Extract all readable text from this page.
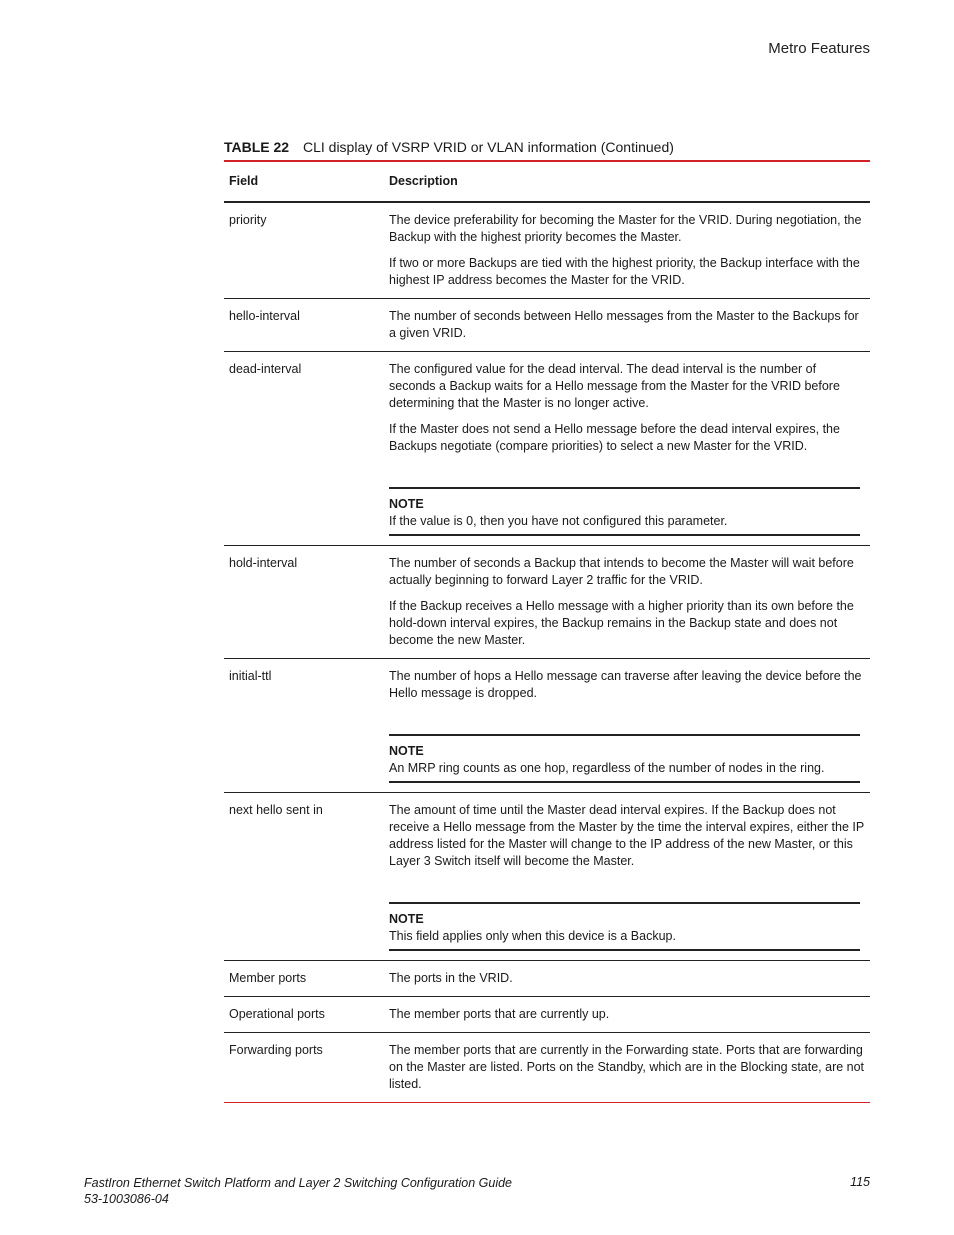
Metro Features
TABLE 22 CLI display of VSRP VRID or VLAN information (Continued)
Field	Description
priority	The device preferability for becoming the Master for the VRID. During negotiation, the Backup with the highest priority becomes the Master.

If two or more Backups are tied with the highest priority, the Backup interface with the highest IP address becomes the Master for the VRID.

hello-interval	The number of seconds between Hello messages from the Master to the Backups for a given VRID.

dead-interval	The configured value for the dead interval. The dead interval is the number of seconds a Backup waits for a Hello message from the Master for the VRID before determining that the Master is no longer active.

If the Master does not send a Hello message before the dead interval expires, the Backups negotiate (compare priorities) to select a new Master for the VRID.

NOTE
If the value is 0, then you have not configured this parameter.
hold-interval	The number of seconds a Backup that intends to become the Master will wait before actually beginning to forward Layer 2 traffic for the VRID.

If the Backup receives a Hello message with a higher priority than its own before the hold-down interval expires, the Backup remains in the Backup state and does not become the new Master.

initial-ttl	The number of hops a Hello message can traverse after leaving the device before the Hello message is dropped.

NOTE
An MRP ring counts as one hop, regardless of the number of nodes in the ring.
next hello sent in	The amount of time until the Master dead interval expires. If the Backup does not receive a Hello message from the Master by the time the interval expires, either the IP address listed for the Master will change to the IP address of the new Master, or this Layer 3 Switch itself will become the Master.

NOTE
This field applies only when this device is a Backup.
Member ports	The ports in the VRID.

Operational ports	The member ports that are currently up.

Forwarding ports	The member ports that are currently in the Forwarding state. Ports that are forwarding on the Master are listed. Ports on the Standby, which are in the Blocking state, are not listed.

FastIron Ethernet Switch Platform and Layer 2 Switching Configuration Guide
53-1003086-04
115
